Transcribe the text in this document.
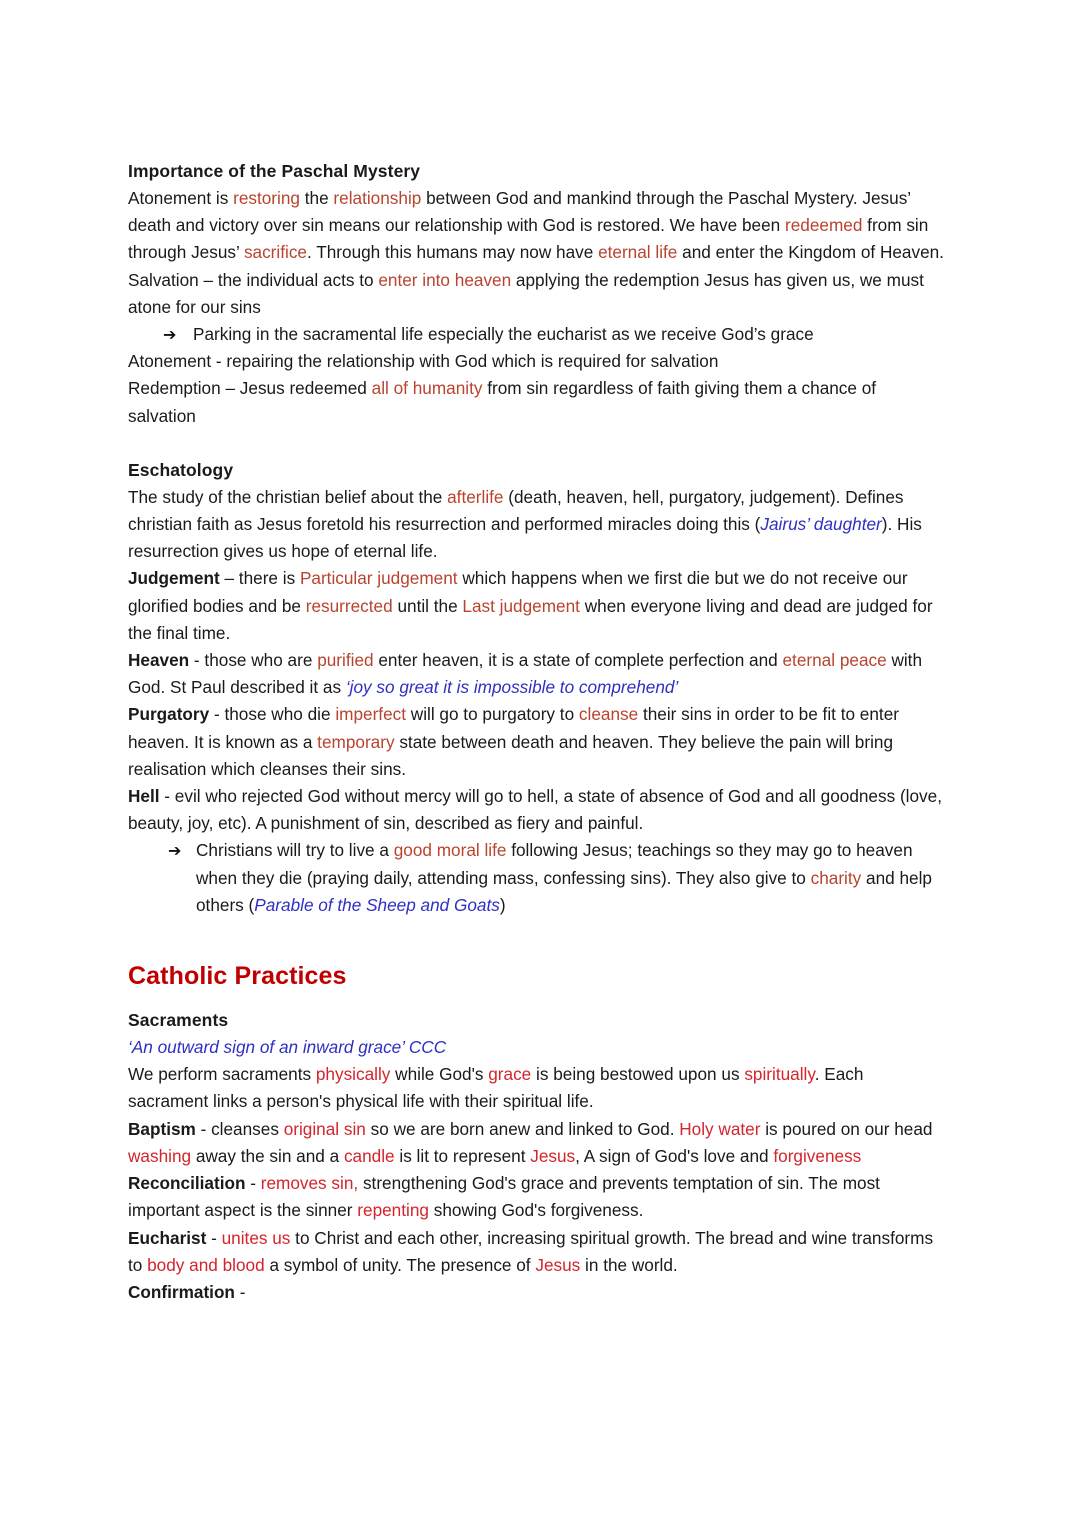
Importance of the Paschal Mystery
Atonement is restoring the relationship between God and mankind through the Paschal Mystery. Jesus’ death and victory over sin means our relationship with God is restored. We have been redeemed from sin through Jesus’ sacrifice. Through this humans may now have eternal life and enter the Kingdom of Heaven.
Salvation – the individual acts to enter into heaven applying the redemption Jesus has given us, we must atone for our sins
➔ Parking in the sacramental life especially the eucharist as we receive God’s grace
Atonement - repairing the relationship with God which is required for salvation
Redemption – Jesus redeemed all of humanity from sin regardless of faith giving them a chance of salvation
Eschatology
The study of the christian belief about the afterlife (death, heaven, hell, purgatory, judgement). Defines christian faith as Jesus foretold his resurrection and performed miracles doing this (Jairus’ daughter). His resurrection gives us hope of eternal life.
Judgement – there is Particular judgement which happens when we first die but we do not receive our glorified bodies and be resurrected until the Last judgement when everyone living and dead are judged for the final time.
Heaven - those who are purified enter heaven, it is a state of complete perfection and eternal peace with God. St Paul described it as ‘joy so great it is impossible to comprehend’
Purgatory - those who die imperfect will go to purgatory to cleanse their sins in order to be fit to enter heaven. It is known as a temporary state between death and heaven. They believe the pain will bring realisation which cleanses their sins.
Hell - evil who rejected God without mercy will go to hell, a state of absence of God and all goodness (love, beauty, joy, etc). A punishment of sin, described as fiery and painful.
➔ Christians will try to live a good moral life following Jesus; teachings so they may go to heaven when they die (praying daily, attending mass, confessing sins). They also give to charity and help others (Parable of the Sheep and Goats)
Catholic Practices
Sacraments
‘An outward sign of an inward grace’ CCC
We perform sacraments physically while God's grace is being bestowed upon us spiritually. Each sacrament links a person's physical life with their spiritual life.
Baptism - cleanses original sin so we are born anew and linked to God. Holy water is poured on our head washing away the sin and a candle is lit to represent Jesus, A sign of God's love and forgiveness
Reconciliation - removes sin, strengthening God's grace and prevents temptation of sin. The most important aspect is the sinner repenting showing God's forgiveness.
Eucharist - unites us to Christ and each other, increasing spiritual growth. The bread and wine transforms to body and blood a symbol of unity. The presence of Jesus in the world.
Confirmation -
